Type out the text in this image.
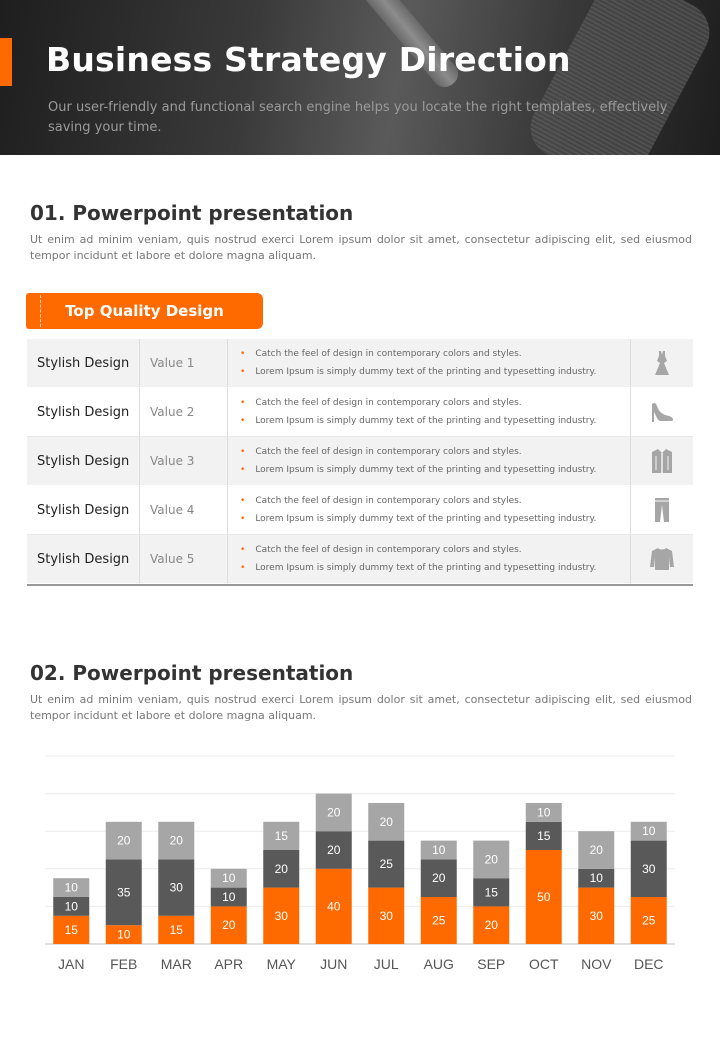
Business Strategy Direction
Our user-friendly and functional search engine helps you locate the right templates, effectively saving your time.
01. Powerpoint presentation
Ut enim ad minim veniam, quis nostrud exerci Lorem ipsum dolor sit amet, consectetur adipiscing elit, sed eiusmod tempor incidunt et labore et dolore magna aliquam.
Top Quality Design
Stylish Design	Value 1
• Catch the feel of design in contemporary colors and styles.
• Lorem Ipsum is simply dummy text of the printing and typesetting industry.
Stylish Design	Value 2
• Catch the feel of design in contemporary colors and styles.
• Lorem Ipsum is simply dummy text of the printing and typesetting industry.
Stylish Design	Value 3
• Catch the feel of design in contemporary colors and styles.
• Lorem Ipsum is simply dummy text of the printing and typesetting industry.
Stylish Design	Value 4
• Catch the feel of design in contemporary colors and styles.
• Lorem Ipsum is simply dummy text of the printing and typesetting industry.
Stylish Design	Value 5
• Catch the feel of design in contemporary colors and styles.
• Lorem Ipsum is simply dummy text of the printing and typesetting industry.
02. Powerpoint presentation
Ut enim ad minim veniam, quis nostrud exerci Lorem ipsum dolor sit amet, consectetur adipiscing elit, sed eiusmod tempor incidunt et labore et dolore magna aliquam.
15
10
10
JAN
10
35
20
FEB
15
30
20
MAR
20
10
10
APR
30
20
15
MAY
40
20
20
JUN
30
25
20
JUL
25
20
10
AUG
20
15
20
SEP
50
15
10
OCT
30
10
20
NOV
25
30
10
DEC
